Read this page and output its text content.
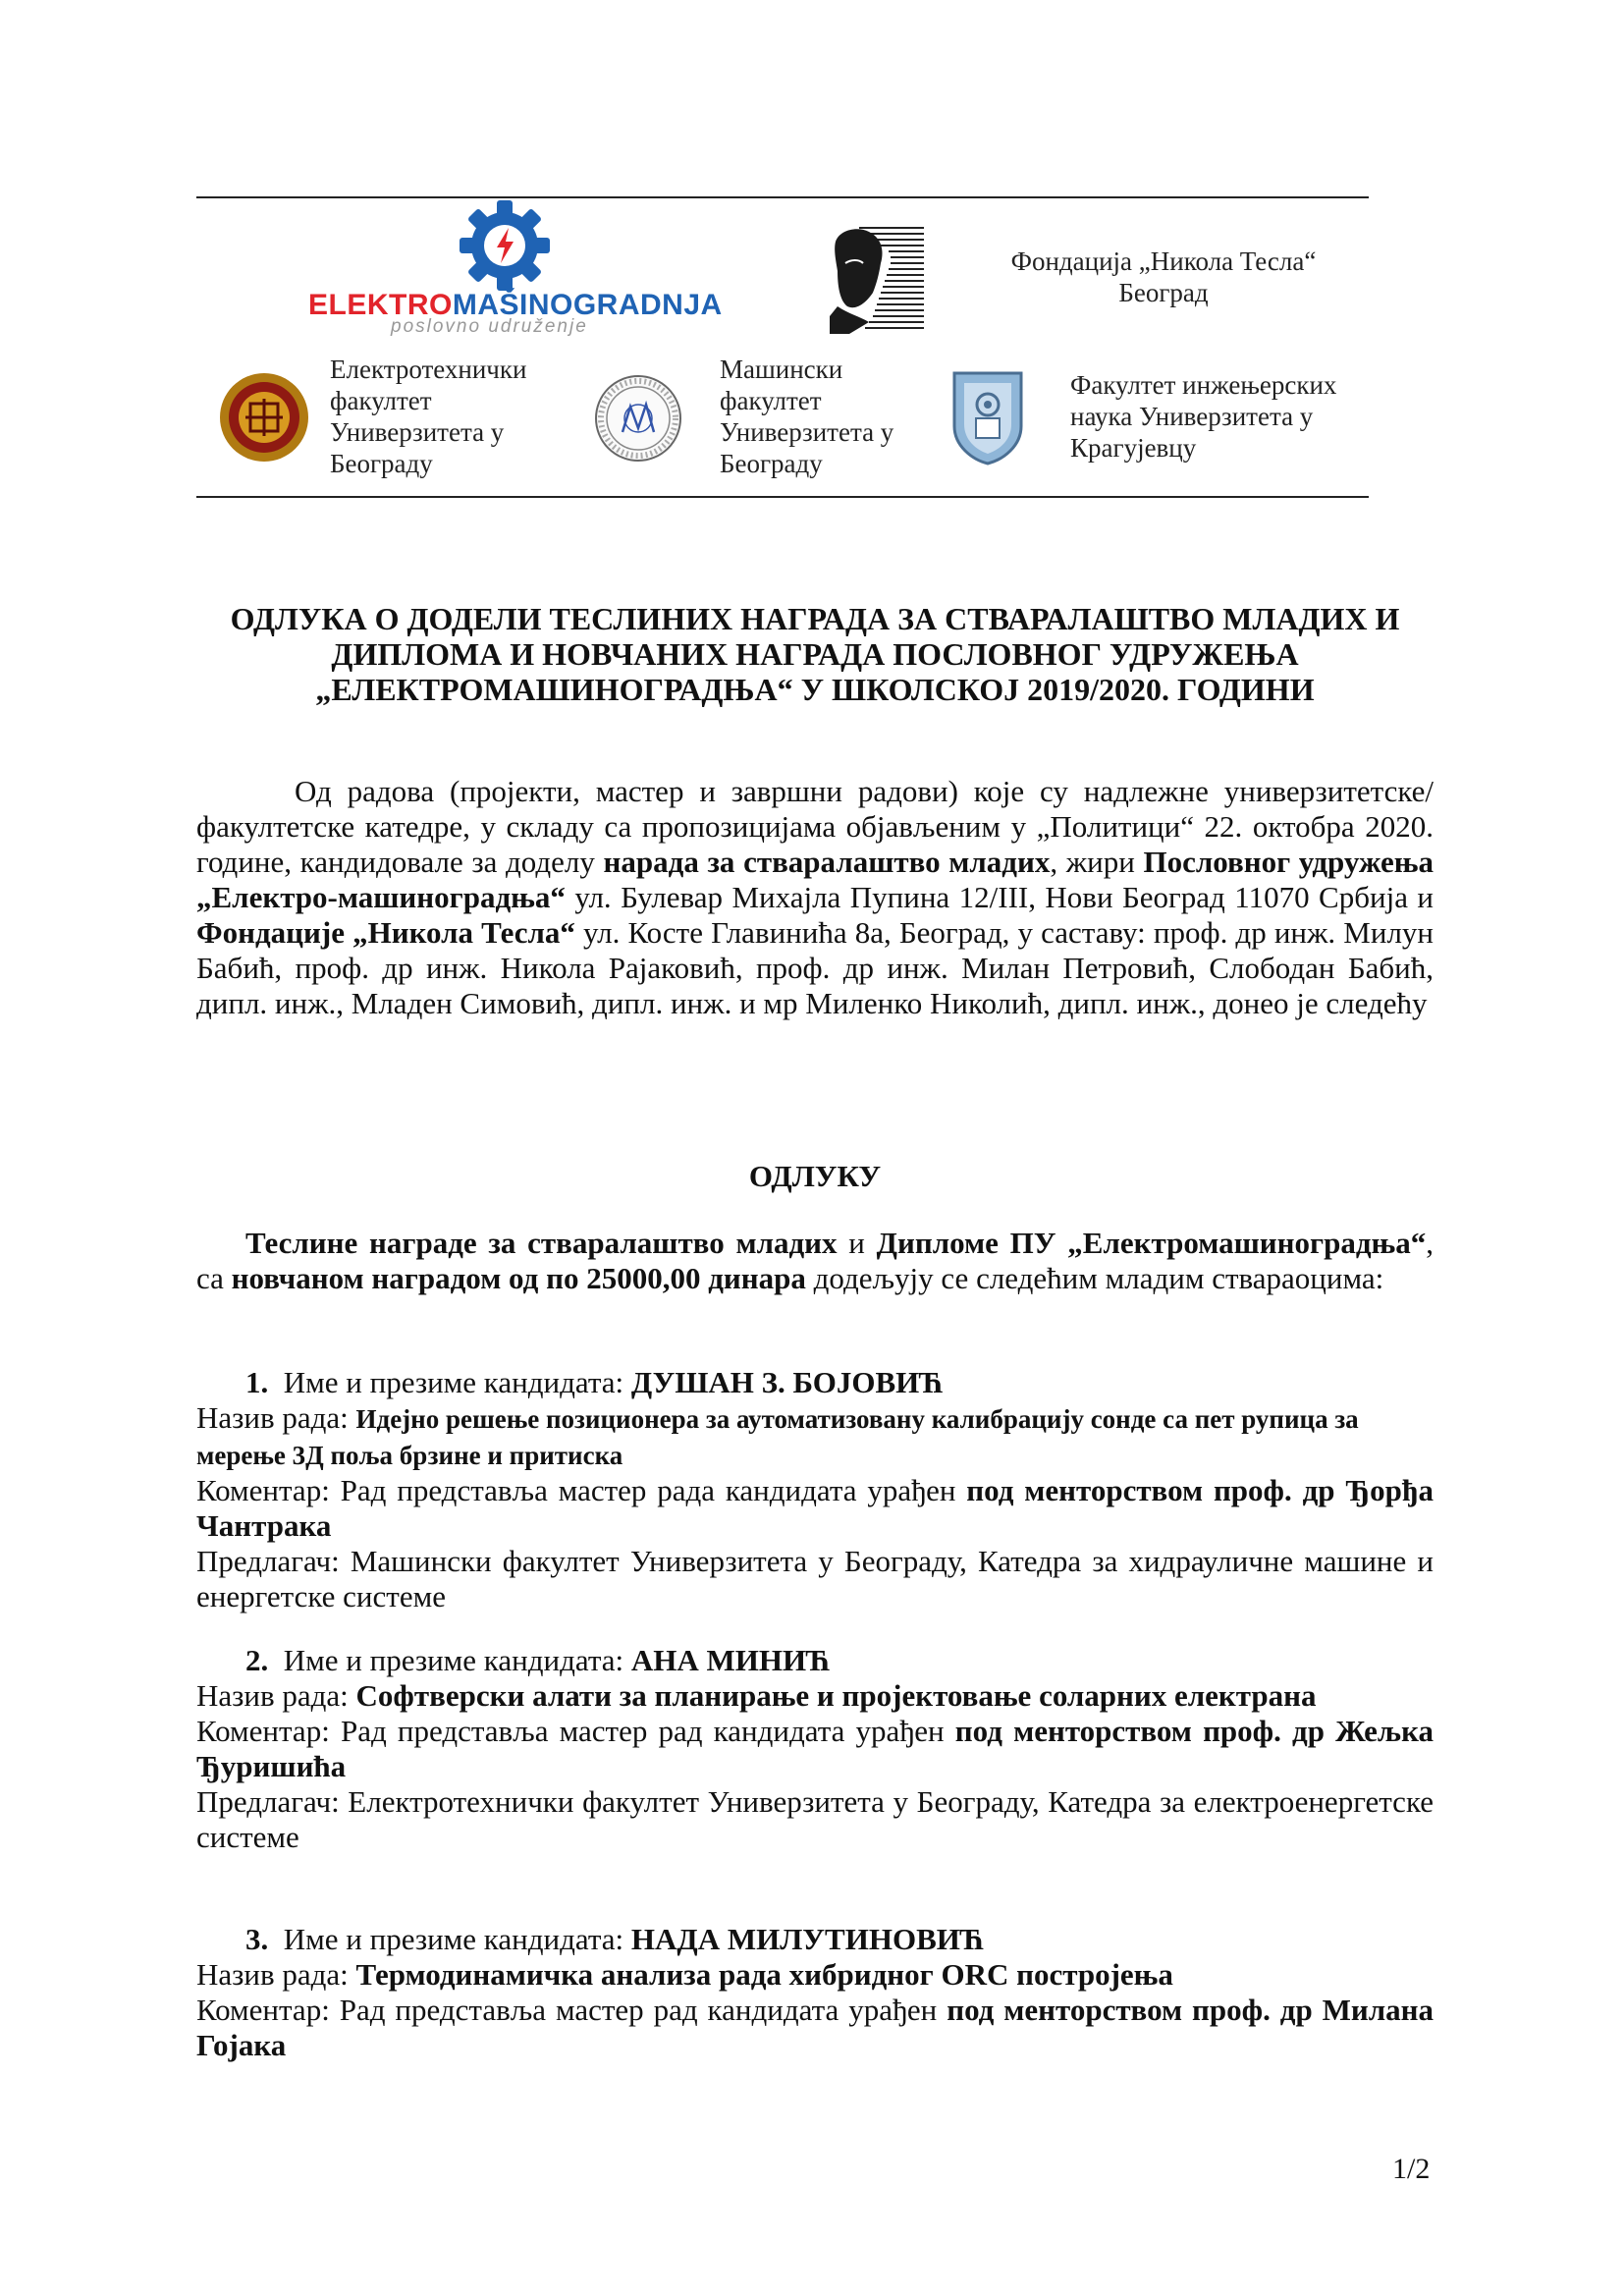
ЕLEKTROMAŠINOGRADNJA
poslovno udruženje
Фондација „Никола Тесла“ Београд
Електротехнички факултет Универзитета у Београду
Машински факултет Универзитета у Београду
Факултет инжењерских наука Универзитета у Крагујевцу
ОДЛУКА О ДОДЕЛИ ТЕСЛИНИХ НАГРАДА ЗА СТВАРАЛАШТВО МЛАДИХ И ДИПЛОМА И НОВЧАНИХ НАГРАДА ПОСЛОВНОГ УДРУЖЕЊА „ЕЛЕКТРОМАШИНОГРАДЊА“ У ШКОЛСКОЈ 2019/2020. ГОДИНИ

Од радова (пројекти, мастер и завршни радови) које су надлежне универзитетске/факултетске катедре, у складу са пропозицијама објављеним у „Политици“ 22. oктобра 2020. године, кандидовале за доделу нарада за стваралаштво младих, жири Пословног удружења „Електро-машиноградња“ ул. Булевар Михајла Пупина 12/III, Нови Београд 11070 Србија и Фондације „Никола Тесла“ ул. Косте Главинића 8а, Београд, у саставу: проф. др инж. Милун Бабић, проф. др инж. Никола Рајаковић, проф. др инж. Милан Петровић, Слободан Бабић, дипл. инж., Младен Симовић, дипл. инж. и мр Миленко Николић, дипл. инж., донео је следећу

ОДЛУКУ

Теслине награде за стваралаштво младих и Дипломе ПУ „Електромашиноградња“, са новчаном наградом од по 25000,00 динара додељују се следећим младим ствараоцима:

1. Име и презиме кандидата: ДУШАН З. БОЈОВИЋ

Назив рада: Идејно решење позиционера за аутоматизовану калибрацију сонде са пет рупица за мерење 3Д поља брзине и притиска

Коментар: Рад представља мастер рада кандидата урађен под менторством проф. др Ђорђа Чантрака

Предлагач: Машински факултет Универзитета у Београду, Катедра за хидрауличне машине и енергетске системе

2. Име и презиме кандидата: АНА МИНИЋ

Назив рада: Софтверски алати за планирање и пројектовање соларних електрана

Коментар: Рад представља мастер рад кандидата урађен под менторством проф. др Жељка Ђуришића

Предлагач: Електротехнички факултет Универзитета у Београду, Катедра за електроенергетске системе

3. Име и презиме кандидата: НАДА МИЛУТИНОВИЋ

Назив рада: Термодинамичка анализа рада хибридног ORC постројења

Коментар: Рад представља мастер рад кандидата урађен под менторством проф. др Милана Гојака

1/2
